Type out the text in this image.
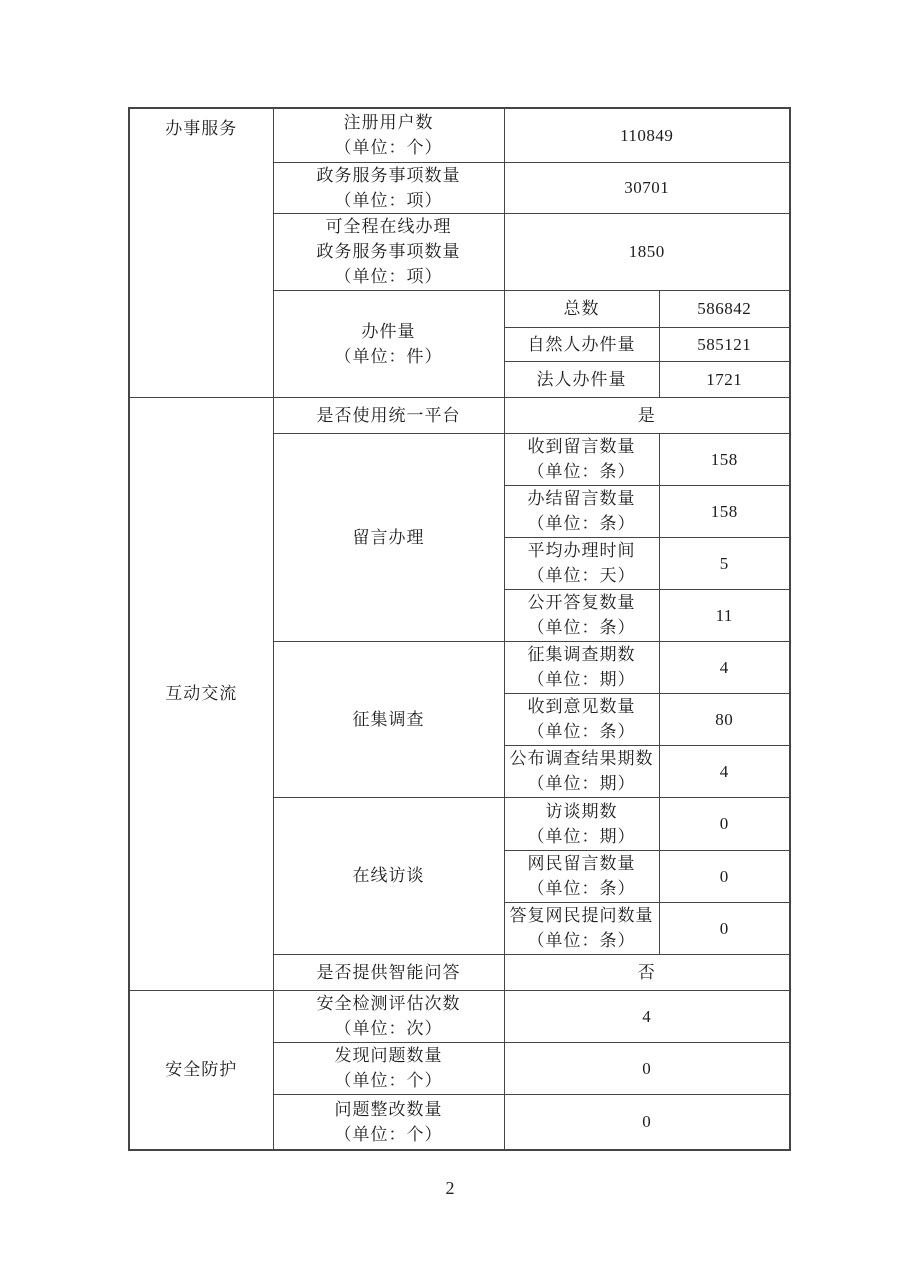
办事服务	注册用户数
（单位：个）	110849	

	政务服务事项数量
（单位：项）	30701	

	可全程在线办理
政务服务事项数量
（单位：项）	1850	

	办件量
（单位：件）	总数	586842
		自然人办件量	585121
		法人办件量	1721

互动交流	是否使用统一平台	是	
	留言办理	收到留言数量
（单位：条）	158

		办结留言数量
（单位：条）	158

		平均办理时间
（单位：天）	5

		公开答复数量
（单位：条）	11
	征集调查	征集调查期数
（单位：期）	4

		收到意见数量
（单位：条）	80

		公布调查结果期数
（单位：期）	4
	在线访谈	访谈期数
（单位：期）	0

		网民留言数量
（单位：条）	0

		答复网民提问数量
（单位：条）	0
	是否提供智能问答	否	

安全防护	安全检测评估次数
（单位：次）	4	

	发现问题数量
（单位：个）	0	

	问题整改数量
（单位：个）	0	
2
